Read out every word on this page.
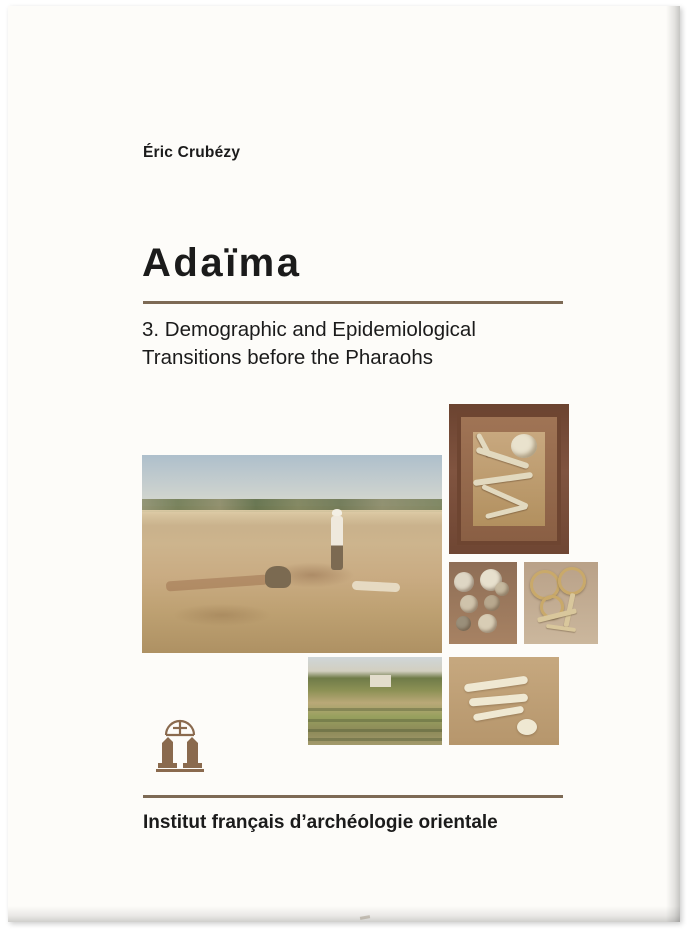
Éric Crubézy
Adaïma
3. Demographic and Epidemiological
Transitions before the Pharaohs
Institut français d’archéologie orientale
